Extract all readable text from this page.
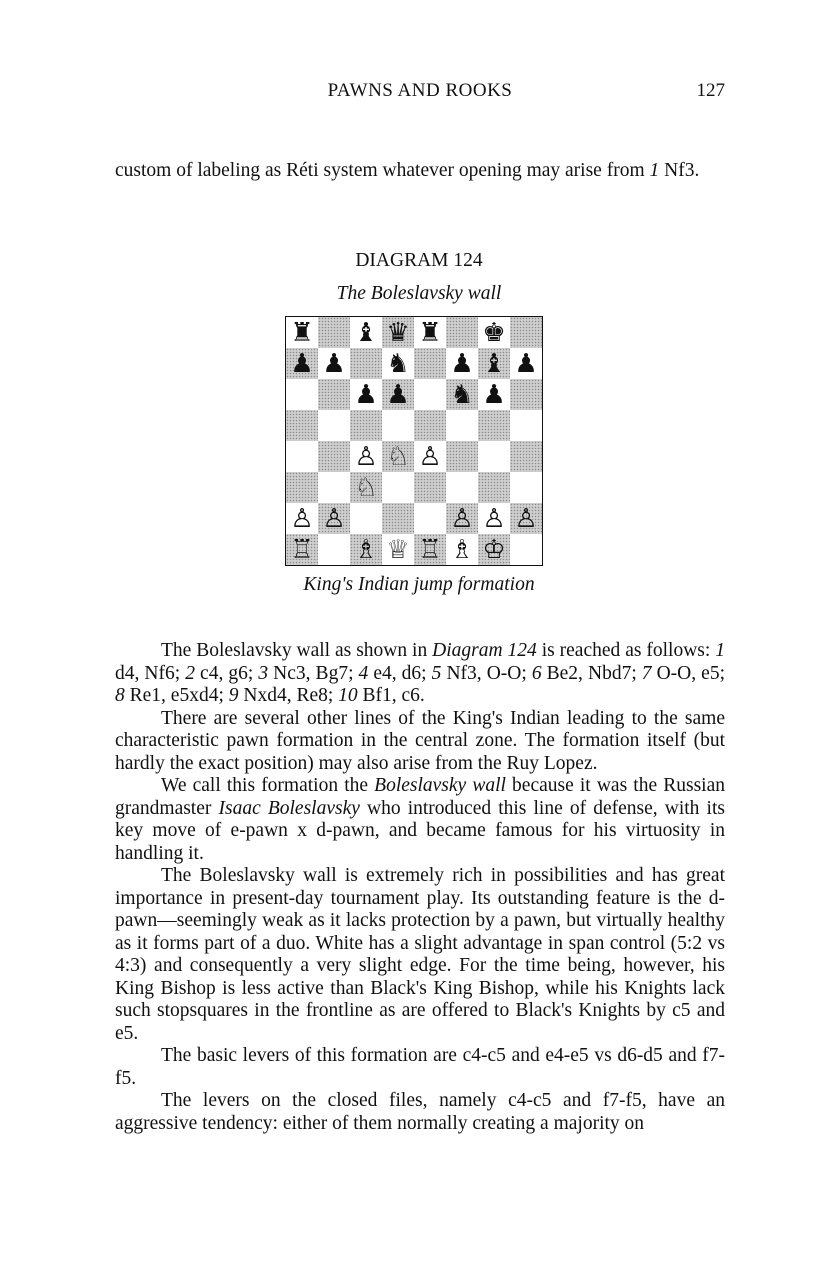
PAWNS AND ROOKS	127
custom of labeling as Réti system whatever opening may arise from 1 Nf3.
DIAGRAM 124
The Boleslavsky wall
♜ ♝ ♛ ♜ ♚
♟ ♟ ♞ ♟ ♝ ♟
♟ ♟ ♞ ♟
♙ ♘ ♙
♘
♙ ♙	♙ ♙ ♙
♖ ♗ ♕ ♖ ♗ ♔
King's Indian jump formation

The Boleslavsky wall as shown in Diagram 124 is reached as follows: 1 d4, Nf6; 2 c4, g6; 3 Nc3, Bg7; 4 e4, d6; 5 Nf3, O-O; 6 Be2, Nbd7; 7 O-O, e5; 8 Re1, e5xd4; 9 Nxd4, Re8; 10 Bf1, c6.

There are several other lines of the King's Indian leading to the same characteristic pawn formation in the central zone. The formation itself (but hardly the exact position) may also arise from the Ruy Lopez.

We call this formation the Boleslavsky wall because it was the Russian grandmaster Isaac Boleslavsky who introduced this line of defense, with its key move of e-pawn x d-pawn, and became famous for his virtuosity in handling it.

The Boleslavsky wall is extremely rich in possibilities and has great importance in present-day tournament play. Its outstanding feature is the d-pawn—seemingly weak as it lacks protection by a pawn, but virtually healthy as it forms part of a duo. White has a slight advantage in span control (5:2 vs 4:3) and consequently a very slight edge. For the time being, however, his King Bishop is less active than Black's King Bishop, while his Knights lack such stopsquares in the frontline as are offered to Black's Knights by c5 and e5.

The basic levers of this formation are c4-c5 and e4-e5 vs d6-d5 and f7-f5.

The levers on the closed files, namely c4-c5 and f7-f5, have an aggressive tendency: either of them normally creating a majority on
